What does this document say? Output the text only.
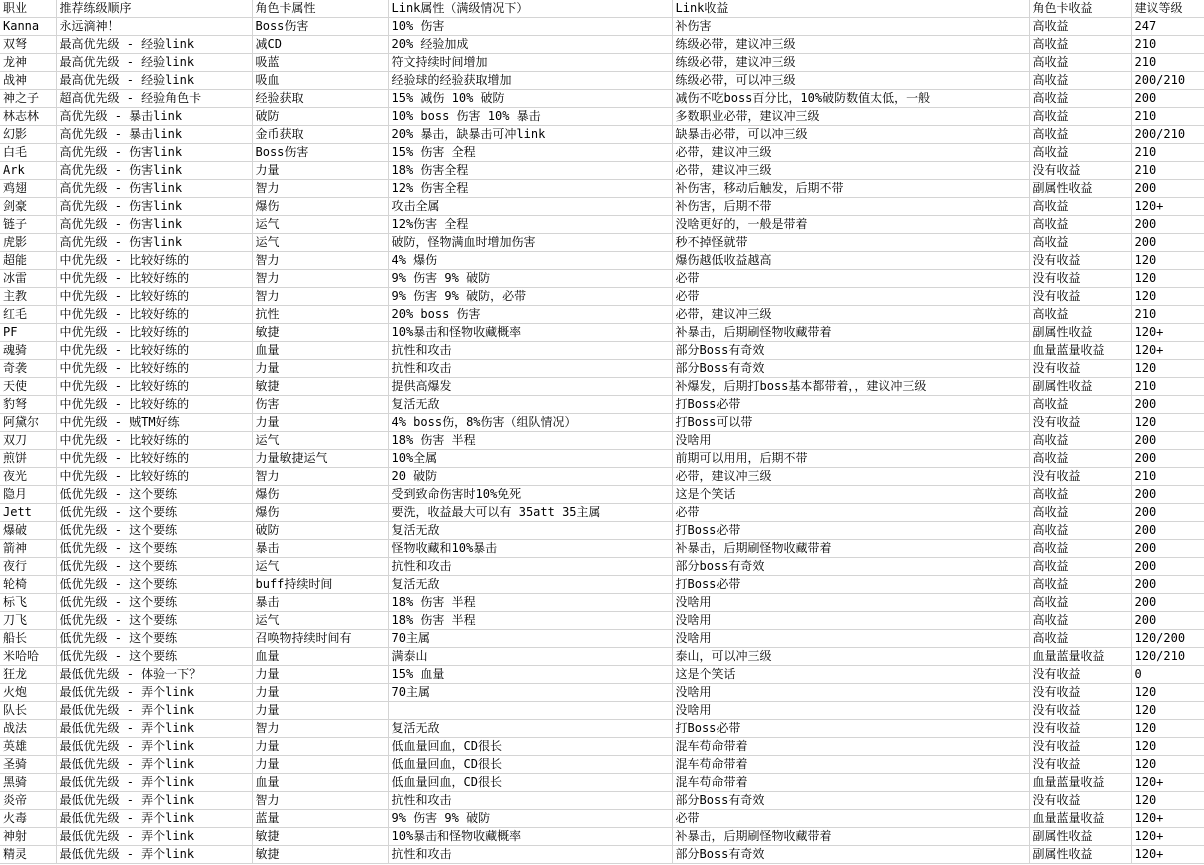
职业	推荐练级顺序	角色卡属性	Link属性（满级情况下）	Link收益	角色卡收益	建议等级
Kanna	永远滴神！	Boss伤害	10% 伤害	补伤害	高收益	247
双弩	最高优先级 - 经验link	减CD	20% 经验加成	练级必带，建议冲三级	高收益	210
龙神	最高优先级 - 经验link	吸蓝	符文持续时间增加	练级必带，建议冲三级	高收益	210
战神	最高优先级 - 经验link	吸血	经验球的经验获取增加	练级必带，可以冲三级	高收益	200/210
神之子	超高优先级 - 经验角色卡	经验获取	15% 减伤 10% 破防	减伤不吃boss百分比，10%破防数值太低，一般	高收益	200
林志林	高优先级 - 暴击link	破防	10% boss 伤害 10% 暴击	多数职业必带，建议冲三级	高收益	210
幻影	高优先级 - 暴击link	金币获取	20% 暴击，缺暴击可冲link	缺暴击必带，可以冲三级	高收益	200/210
白毛	高优先级 - 伤害link	Boss伤害	15% 伤害 全程	必带，建议冲三级	高收益	210
Ark	高优先级 - 伤害link	力量	18% 伤害全程	必带，建议冲三级	没有收益	210
鸡翅	高优先级 - 伤害link	智力	12% 伤害全程	补伤害，移动后触发，后期不带	副属性收益	200
剑豪	高优先级 - 伤害link	爆伤	攻击全属	补伤害，后期不带	高收益	120+
链子	高优先级 - 伤害link	运气	12%伤害 全程	没啥更好的，一般是带着	高收益	200
虎影	高优先级 - 伤害link	运气	破防，怪物满血时增加伤害	秒不掉怪就带	高收益	200
超能	中优先级 - 比较好练的	智力	4% 爆伤	爆伤越低收益越高	没有收益	120
冰雷	中优先级 - 比较好练的	智力	9% 伤害 9% 破防	必带	没有收益	120
主教	中优先级 - 比较好练的	智力	9% 伤害 9% 破防，必带	必带	没有收益	120
红毛	中优先级 - 比较好练的	抗性	20% boss 伤害	必带，建议冲三级	高收益	210
PF	中优先级 - 比较好练的	敏捷	10%暴击和怪物收藏概率	补暴击，后期刷怪物收藏带着	副属性收益	120+
魂骑	中优先级 - 比较好练的	血量	抗性和攻击	部分Boss有奇效	血量蓝量收益	120+
奇袭	中优先级 - 比较好练的	力量	抗性和攻击	部分Boss有奇效	没有收益	120
天使	中优先级 - 比较好练的	敏捷	提供高爆发	补爆发，后期打boss基本都带着，，建议冲三级	副属性收益	210
豹弩	中优先级 - 比较好练的	伤害	复活无敌	打Boss必带	高收益	200
阿黛尔	中优先级 - 贼TM好练	力量	4% boss伤，8%伤害（组队情况）	打Boss可以带	没有收益	120
双刀	中优先级 - 比较好练的	运气	18% 伤害 半程	没啥用	高收益	200
煎饼	中优先级 - 比较好练的	力量敏捷运气	10%全属	前期可以用用，后期不带	高收益	200
夜光	中优先级 - 比较好练的	智力	20 破防	必带，建议冲三级	没有收益	210
隐月	低优先级 - 这个要练	爆伤	受到致命伤害时10%免死	这是个笑话	高收益	200
Jett	低优先级 - 这个要练	爆伤	要洗，收益最大可以有 35att 35主属	必带	高收益	200
爆破	低优先级 - 这个要练	破防	复活无敌	打Boss必带	高收益	200
箭神	低优先级 - 这个要练	暴击	怪物收藏和10%暴击	补暴击，后期刷怪物收藏带着	高收益	200
夜行	低优先级 - 这个要练	运气	抗性和攻击	部分boss有奇效	高收益	200
轮椅	低优先级 - 这个要练	buff持续时间	复活无敌	打Boss必带	高收益	200
标飞	低优先级 - 这个要练	暴击	18% 伤害 半程	没啥用	高收益	200
刀飞	低优先级 - 这个要练	运气	18% 伤害 半程	没啥用	高收益	200
船长	低优先级 - 这个要练	召唤物持续时间有	70主属	没啥用	高收益	120/200
米哈哈	低优先级 - 这个要练	血量	满泰山	泰山，可以冲三级	血量蓝量收益	120/210
狂龙	最低优先级 - 体验一下？	力量	15% 血量	这是个笑话	没有收益	0
火炮	最低优先级 - 弄个link	力量	70主属	没啥用	没有收益	120
队长	最低优先级 - 弄个link	力量		没啥用	没有收益	120
战法	最低优先级 - 弄个link	智力	复活无敌	打Boss必带	没有收益	120
英雄	最低优先级 - 弄个link	力量	低血量回血，CD很长	混车苟命带着	没有收益	120
圣骑	最低优先级 - 弄个link	力量	低血量回血，CD很长	混车苟命带着	没有收益	120
黑骑	最低优先级 - 弄个link	血量	低血量回血，CD很长	混车苟命带着	血量蓝量收益	120+
炎帝	最低优先级 - 弄个link	智力	抗性和攻击	部分Boss有奇效	没有收益	120
火毒	最低优先级 - 弄个link	蓝量	9% 伤害 9% 破防	必带	血量蓝量收益	120+
神射	最低优先级 - 弄个link	敏捷	10%暴击和怪物收藏概率	补暴击，后期刷怪物收藏带着	副属性收益	120+
精灵	最低优先级 - 弄个link	敏捷	抗性和攻击	部分Boss有奇效	副属性收益	120+
